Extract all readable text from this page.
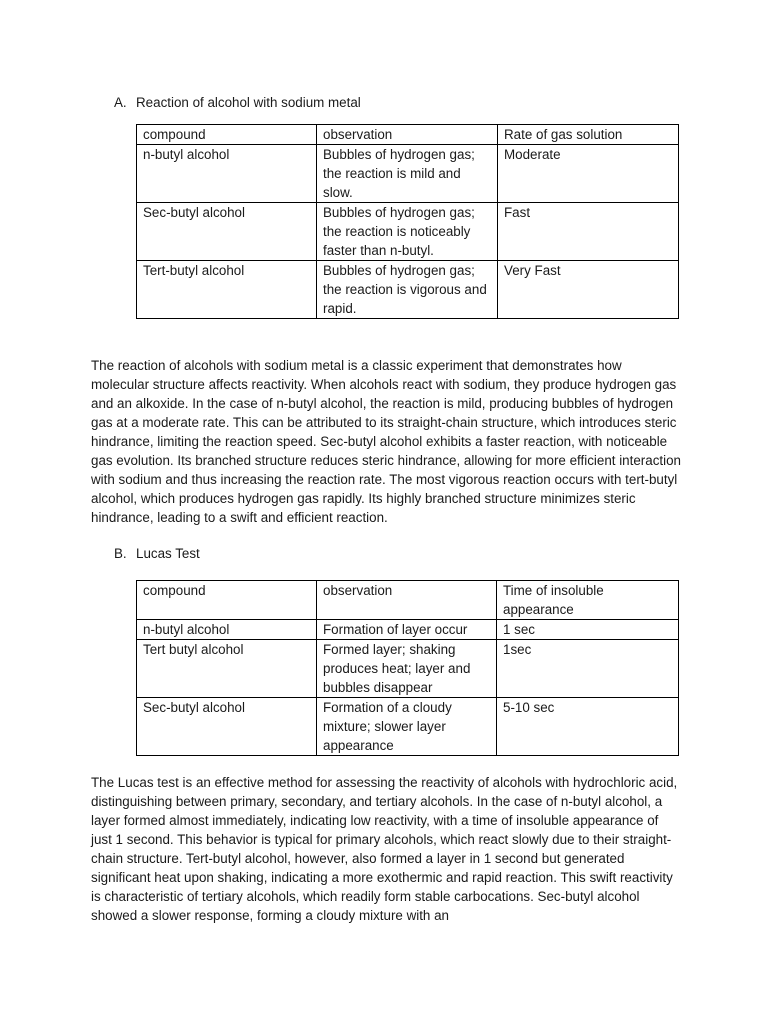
A. Reaction of alcohol with sodium metal
compound	observation	Rate of gas solution
n-butyl alcohol	Bubbles of hydrogen gas; the reaction is mild and slow.	Moderate
Sec-butyl alcohol	Bubbles of hydrogen gas; the reaction is noticeably faster than n-butyl.	Fast
Tert-butyl alcohol	Bubbles of hydrogen gas; the reaction is vigorous and rapid.	Very Fast

The reaction of alcohols with sodium metal is a classic experiment that demonstrates how molecular structure affects reactivity. When alcohols react with sodium, they produce hydrogen gas and an alkoxide. In the case of n-butyl alcohol, the reaction is mild, producing bubbles of hydrogen gas at a moderate rate. This can be attributed to its straight-chain structure, which introduces steric hindrance, limiting the reaction speed. Sec-butyl alcohol exhibits a faster reaction, with noticeable gas evolution. Its branched structure reduces steric hindrance, allowing for more efficient interaction with sodium and thus increasing the reaction rate. The most vigorous reaction occurs with tert-butyl alcohol, which produces hydrogen gas rapidly. Its highly branched structure minimizes steric hindrance, leading to a swift and efficient reaction.

B. Lucas Test
compound	observation	Time of insoluble appearance
n-butyl alcohol	Formation of layer occur	1 sec
Tert butyl alcohol	Formed layer; shaking produces heat; layer and bubbles disappear	1sec
Sec-butyl alcohol	Formation of a cloudy mixture; slower layer appearance	5-10 sec

The Lucas test is an effective method for assessing the reactivity of alcohols with hydrochloric acid, distinguishing between primary, secondary, and tertiary alcohols. In the case of n-butyl alcohol, a layer formed almost immediately, indicating low reactivity, with a time of insoluble appearance of just 1 second. This behavior is typical for primary alcohols, which react slowly due to their straight-chain structure. Tert-butyl alcohol, however, also formed a layer in 1 second but generated significant heat upon shaking, indicating a more exothermic and rapid reaction. This swift reactivity is characteristic of tertiary alcohols, which readily form stable carbocations. Sec-butyl alcohol showed a slower response, forming a cloudy mixture with an
